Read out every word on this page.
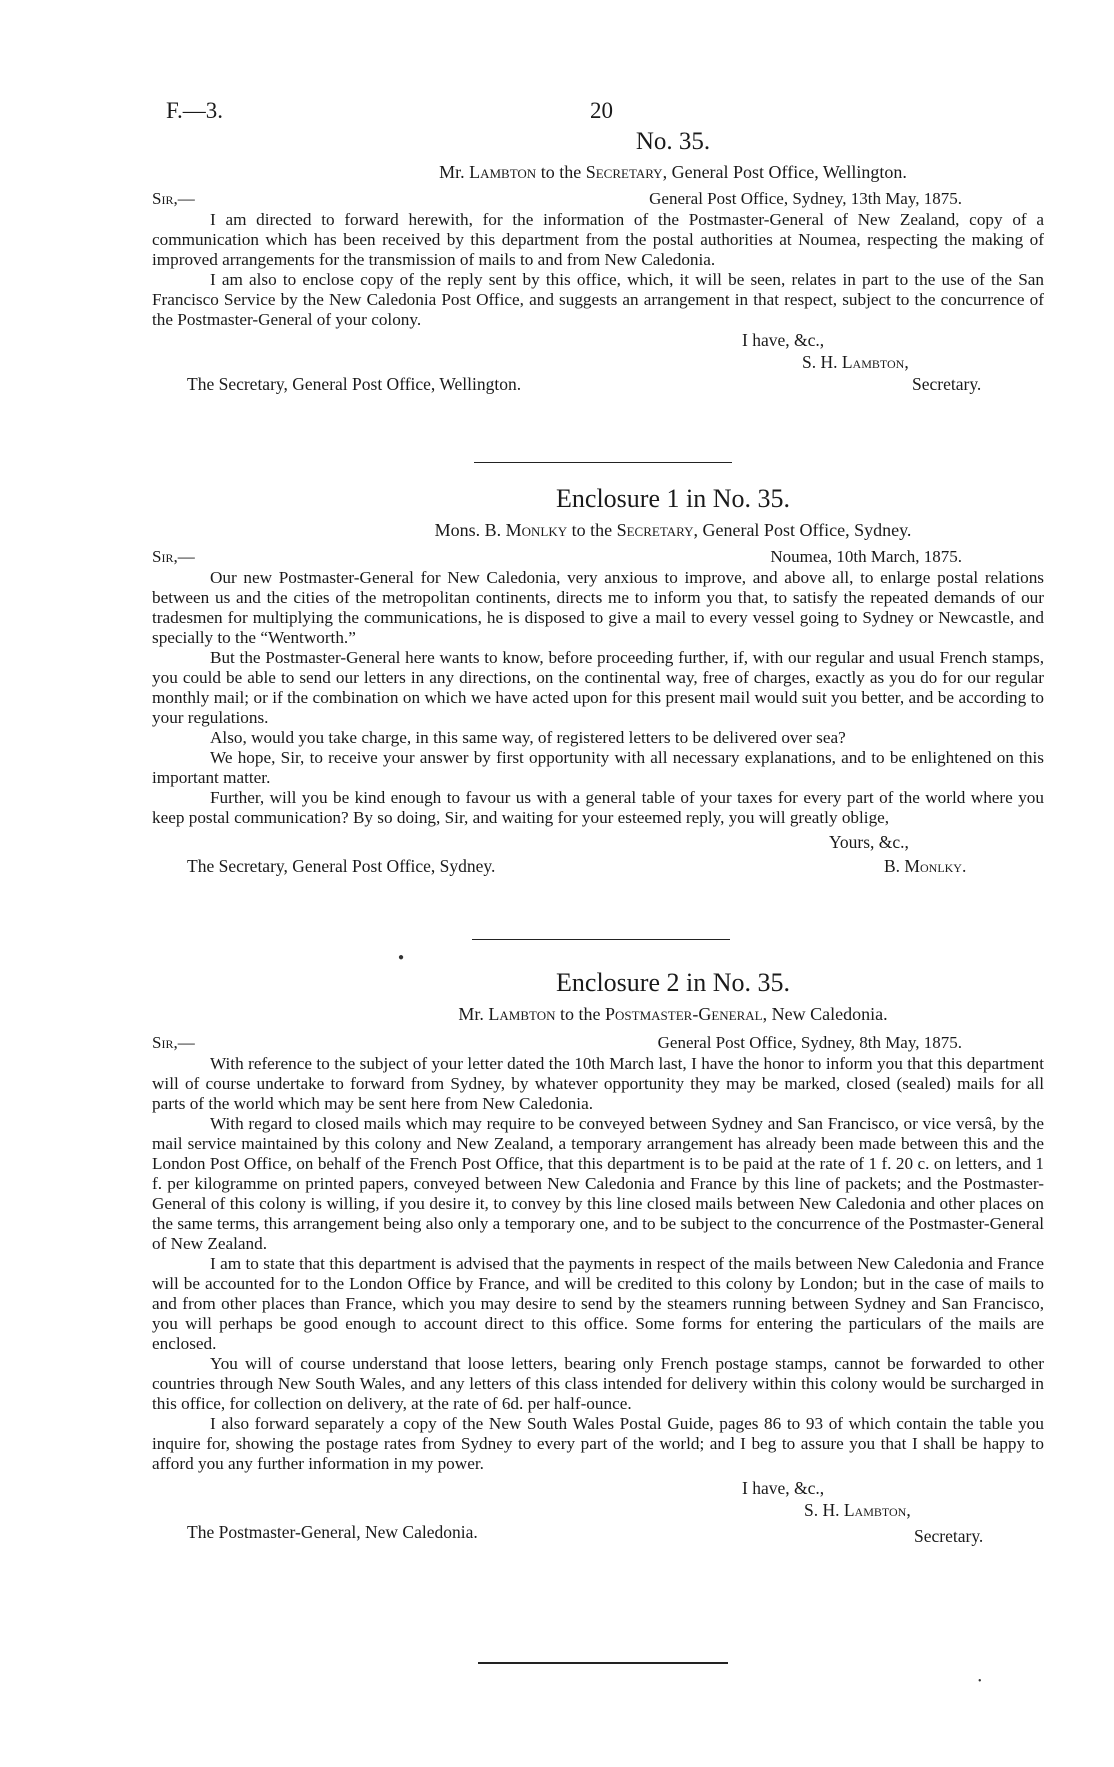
F.—3.	20
No. 35.
Mr. Lambton to the Secretary, General Post Office, Wellington.
Sir,—	General Post Office, Sydney, 13th May, 1875.

I am directed to forward herewith, for the information of the Postmaster-General of New Zealand, copy of a communication which has been received by this department from the postal authorities at Noumea, respecting the making of improved arrangements for the transmission of mails to and from New Caledonia.

I am also to enclose copy of the reply sent by this office, which, it will be seen, relates in part to the use of the San Francisco Service by the New Caledonia Post Office, and suggests an arrangement in that respect, subject to the concurrence of the Postmaster-General of your colony.

I have, &c.,
S. H. Lambton,
The Secretary, General Post Office, Wellington.	Secretary.
Enclosure 1 in No. 35.
Mons. B. Monlky to the Secretary, General Post Office, Sydney.
Sir,—	Noumea, 10th March, 1875.

Our new Postmaster-General for New Caledonia, very anxious to improve, and above all, to enlarge postal relations between us and the cities of the metropolitan continents, directs me to inform you that, to satisfy the repeated demands of our tradesmen for multiplying the communications, he is disposed to give a mail to every vessel going to Sydney or Newcastle, and specially to the “Wentworth.”

But the Postmaster-General here wants to know, before proceeding further, if, with our regular and usual French stamps, you could be able to send our letters in any directions, on the continental way, free of charges, exactly as you do for our regular monthly mail; or if the combination on which we have acted upon for this present mail would suit you better, and be according to your regulations.

Also, would you take charge, in this same way, of registered letters to be delivered over sea?

We hope, Sir, to receive your answer by first opportunity with all necessary explanations, and to be enlightened on this important matter.

Further, will you be kind enough to favour us with a general table of your taxes for every part of the world where you keep postal communication? By so doing, Sir, and waiting for your esteemed reply, you will greatly oblige,

Yours, &c.,
The Secretary, General Post Office, Sydney.	B. Monlky.
●
Enclosure 2 in No. 35.
Mr. Lambton to the Postmaster-General, New Caledonia.
Sir,—	General Post Office, Sydney, 8th May, 1875.

With reference to the subject of your letter dated the 10th March last, I have the honor to inform you that this department will of course undertake to forward from Sydney, by whatever opportunity they may be marked, closed (sealed) mails for all parts of the world which may be sent here from New Caledonia.

With regard to closed mails which may require to be conveyed between Sydney and San Francisco, or vice versâ, by the mail service maintained by this colony and New Zealand, a temporary arrangement has already been made between this and the London Post Office, on behalf of the French Post Office, that this department is to be paid at the rate of 1 f. 20 c. on letters, and 1 f. per kilogramme on printed papers, conveyed between New Caledonia and France by this line of packets; and the Postmaster-General of this colony is willing, if you desire it, to convey by this line closed mails between New Caledonia and other places on the same terms, this arrangement being also only a temporary one, and to be subject to the concurrence of the Postmaster-General of New Zealand.

I am to state that this department is advised that the payments in respect of the mails between New Caledonia and France will be accounted for to the London Office by France, and will be credited to this colony by London; but in the case of mails to and from other places than France, which you may desire to send by the steamers running between Sydney and San Francisco, you will perhaps be good enough to account direct to this office. Some forms for entering the particulars of the mails are enclosed.

You will of course understand that loose letters, bearing only French postage stamps, cannot be forwarded to other countries through New South Wales, and any letters of this class intended for delivery within this colony would be surcharged in this office, for collection on delivery, at the rate of 6d. per half-ounce.

I also forward separately a copy of the New South Wales Postal Guide, pages 86 to 93 of which contain the table you inquire for, showing the postage rates from Sydney to every part of the world; and I beg to assure you that I shall be happy to afford you any further information in my power.

I have, &c.,
S. H. Lambton,
The Postmaster-General, New Caledonia.	Secretary.
•
